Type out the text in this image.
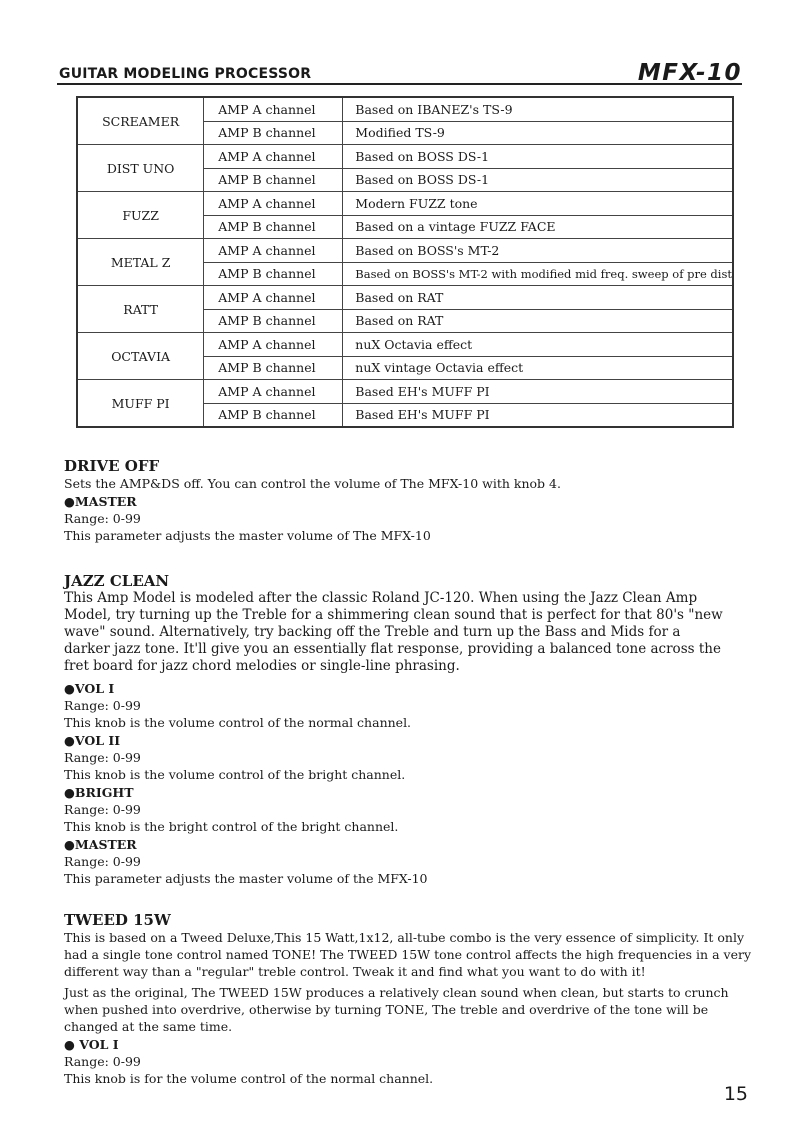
GUITAR MODELING PROCESSOR	MFX-10
SCREAMER	AMP A channel	Based on IBANEZ's TS-9
	AMP B channel	Modified TS-9
DIST UNO	AMP A channel	Based on BOSS DS-1
	AMP B channel	Based on BOSS DS-1
FUZZ	AMP A channel	Modern FUZZ tone
	AMP B channel	Based on a vintage FUZZ FACE
METAL Z	AMP A channel	Based on BOSS's MT-2
	AMP B channel	Based on BOSS's MT-2 with modified mid freq. sweep of pre dist
RATT	AMP A channel	Based on RAT
	AMP B channel	Based on RAT
OCTAVIA	AMP A channel	nuX Octavia effect
	AMP B channel	nuX vintage Octavia effect
MUFF PI	AMP A channel	Based EH's MUFF PI
	AMP B channel	Based EH's MUFF PI
DRIVE OFF

Sets the AMP&DS off. You can control the volume of The MFX-10 with knob 4.

●MASTER

Range: 0-99

This parameter adjusts the master volume of The MFX-10

JAZZ CLEAN

This Amp Model is modeled after the classic Roland JC-120. When using the Jazz Clean Amp

Model, try turning up the Treble for a shimmering clean sound that is perfect for that 80's "new

wave" sound. Alternatively, try backing off the Treble and turn up the Bass and Mids for a

darker jazz tone. It'll give you an essentially flat response, providing a balanced tone across the

fret board for jazz chord melodies or single-line phrasing.

●VOL I

Range: 0-99

This knob is the volume control of the normal channel.

●VOL II

Range: 0-99

This knob is the volume control of the bright channel.

●BRIGHT

Range: 0-99

This knob is the bright control of the bright channel.

●MASTER

Range: 0-99

This parameter adjusts the master volume of the MFX-10

TWEED 15W

This is based on a Tweed Deluxe,This 15 Watt,1x12, all-tube combo is the very essence of simplicity. It only

had a single tone control named TONE! The TWEED 15W tone control affects the high frequencies in a very

different way than a "regular" treble control. Tweak it and find what you want to do with it!

Just as the original, The TWEED 15W produces a relatively clean sound when clean, but starts to crunch

when pushed into overdrive, otherwise by turning TONE, The treble and overdrive of the tone will be

changed at the same time.

● VOL I

Range: 0-99

This knob is for the volume control of the normal channel.

15
